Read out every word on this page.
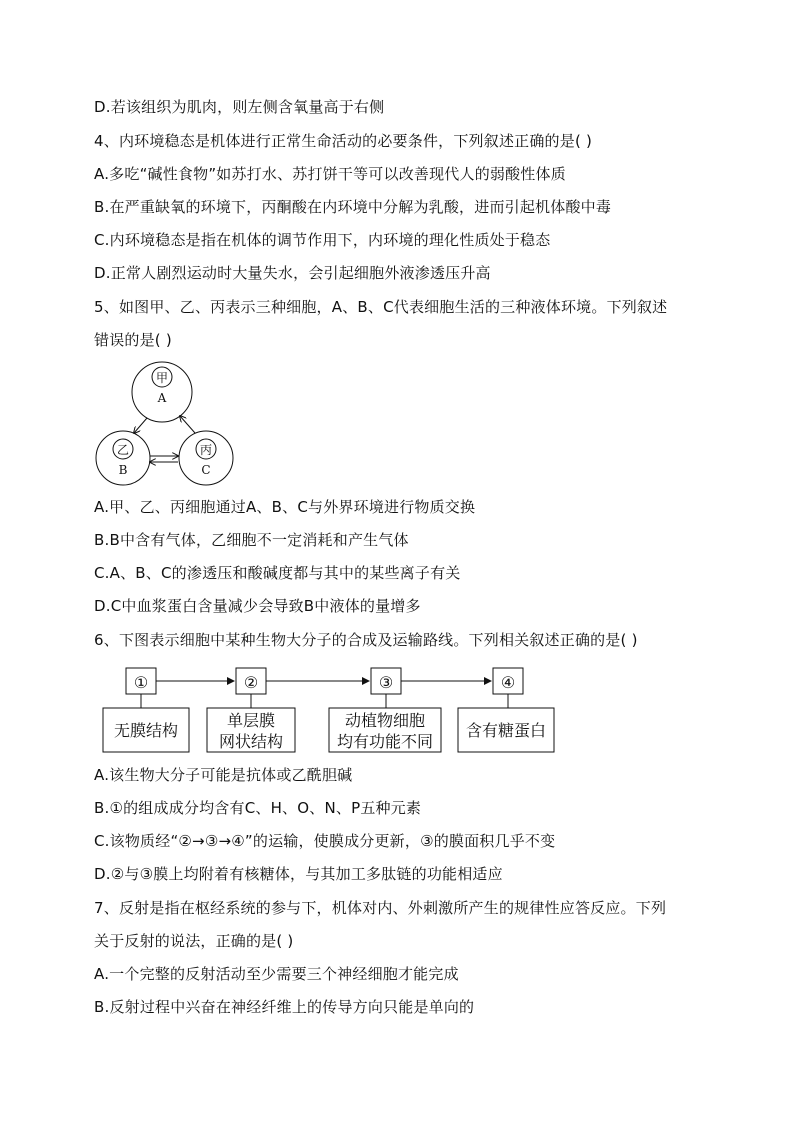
D.若该组织为肌肉，则左侧含氧量高于右侧
4、内环境稳态是机体进行正常生命活动的必要条件，下列叙述正确的是( )
A.多吃“碱性食物”如苏打水、苏打饼干等可以改善现代人的弱酸性体质
B.在严重缺氧的环境下，丙酮酸在内环境中分解为乳酸，进而引起机体酸中毒
C.内环境稳态是指在机体的调节作用下，内环境的理化性质处于稳态
D.正常人剧烈运动时大量失水，会引起细胞外液渗透压升高
5、如图甲、乙、丙表示三种细胞，A、B、C代表细胞生活的三种液体环境。下列叙述
错误的是( )
甲
A
乙
B
丙
C
A.甲、乙、丙细胞通过A、B、C与外界环境进行物质交换
B.B中含有气体，乙细胞不一定消耗和产生气体
C.A、B、C的渗透压和酸碱度都与其中的某些离子有关
D.C中血浆蛋白含量减少会导致B中液体的量增多
6、下图表示细胞中某种生物大分子的合成及运输路线。下列相关叙述正确的是( )
①	②	③	④
无膜结构
单层膜
网状结构
动植物细胞
均有功能不同
含有糖蛋白
A.该生物大分子可能是抗体或乙酰胆碱
B.①的组成成分均含有C、H、O、N、P五种元素
C.该物质经“②→③→④”的运输，使膜成分更新，③的膜面积几乎不变
D.②与③膜上均附着有核糖体，与其加工多肽链的功能相适应
7、反射是指在枢经系统的参与下，机体对内、外刺激所产生的规律性应答反应。下列
关于反射的说法，正确的是( )
A.一个完整的反射活动至少需要三个神经细胞才能完成
B.反射过程中兴奋在神经纤维上的传导方向只能是单向的
